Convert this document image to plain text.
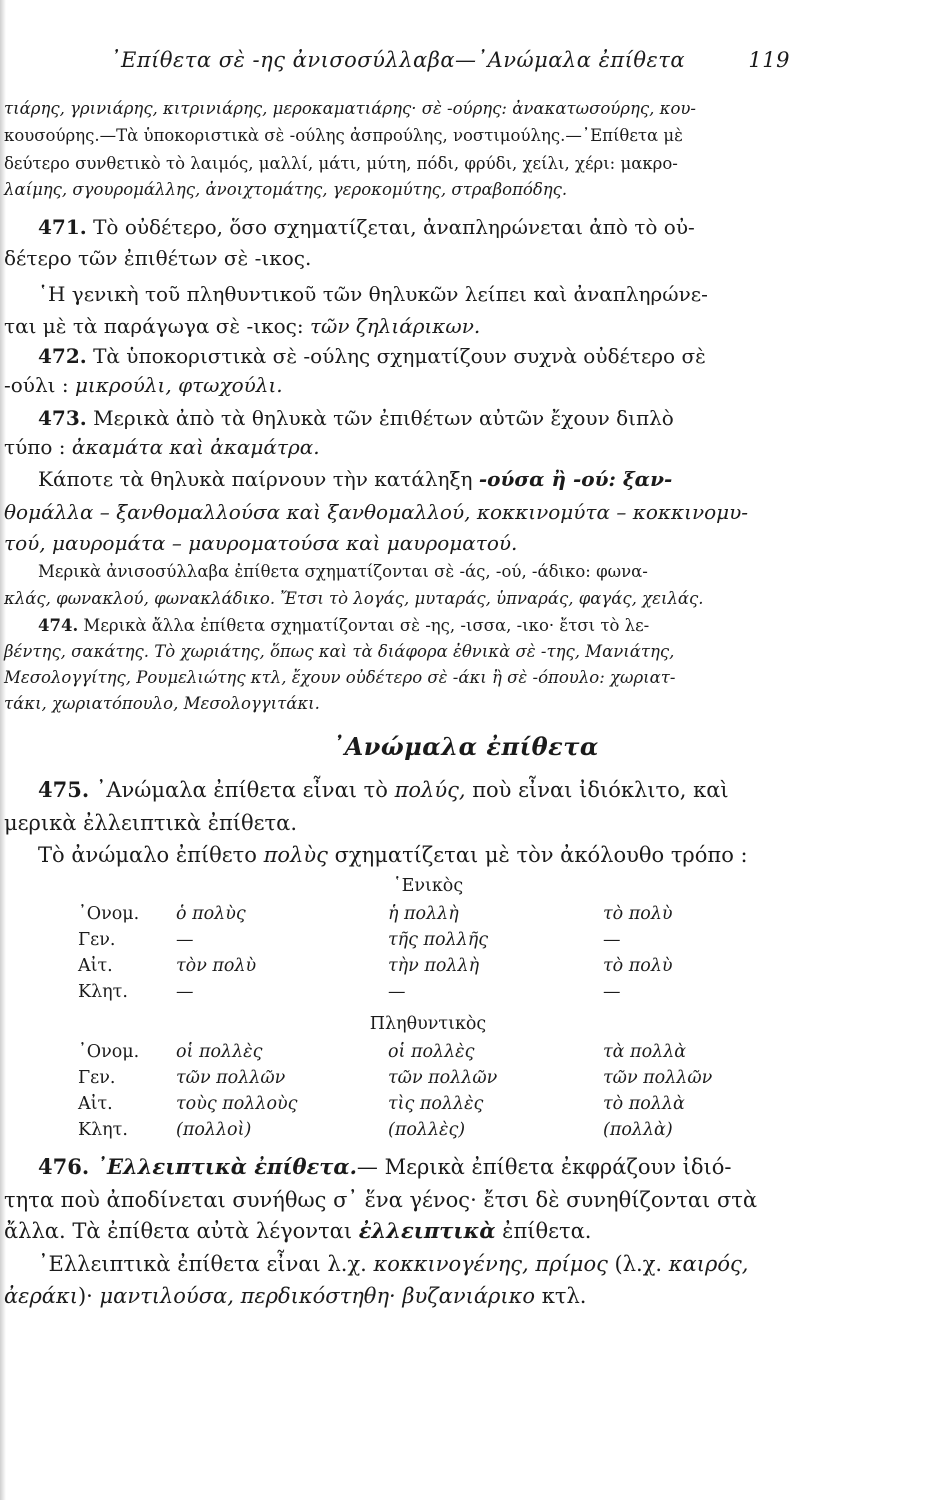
᾿Επίθετα σὲ -ης ἀνισοσύλλαβα—᾿Ανώμαλα ἐπίθετα	119
τιάρης, γρινιάρης, κιτρινιάρης, μεροκαματιάρης· σὲ -ούρης: ἀνακατωσούρης, κου-
κουσούρης.—Τὰ ὑποκοριστικὰ σὲ -ούλης ἀσπρούλης, νοστιμούλης.—᾿Επίθετα μὲ
δεύτερο συνθετικὸ τὸ λαιμός, μαλλί, μάτι, μύτη, πόδι, φρύδι, χείλι, χέρι: μακρο-
λαίμης, σγουρομάλλης, ἀνοιχτομάτης, γεροκομύτης, στραβοπόδης.
471. Τὸ οὐδέτερο, ὅσο σχηματίζεται, ἀναπληρώνεται ἀπὸ τὸ οὐ-
δέτερο τῶν ἐπιθέτων σὲ -ικος.
῾Η γενικὴ τοῦ πληθυντικοῦ τῶν θηλυκῶν λείπει καὶ ἀναπληρώνε-
ται μὲ τὰ παράγωγα σὲ -ικος: τῶν ζηλιάρικων.
472. Τὰ ὑποκοριστικὰ σὲ -ούλης σχηματίζουν συχνὰ οὐδέτερο σὲ
-ούλι : μικρούλι, φτωχούλι.
473. Μερικὰ ἀπὸ τὰ θηλυκὰ τῶν ἐπιθέτων αὐτῶν ἔχουν διπλὸ
τύπο : ἀκαμάτα καὶ ἀκαμάτρα.
Κάποτε τὰ θηλυκὰ παίρνουν τὴν κατάληξη -ούσα ἢ -ού: ξαν-
θομάλλα – ξανθομαλλούσα καὶ ξανθομαλλού, κοκκινομύτα – κοκκινομυ-
τού, μαυρομάτα – μαυροματούσα καὶ μαυροματού.
Μερικὰ ἀνισοσύλλαβα ἐπίθετα σχηματίζονται σὲ -άς, -ού, -άδικο: φωνα-
κλάς, φωνακλού, φωνακλάδικο. Ἔτσι τὸ λογάς, μυταράς, ὑπναράς, φαγάς, χειλάς.
474. Μερικὰ ἄλλα ἐπίθετα σχηματίζονται σὲ -ης, -ισσα, -ικο· ἔτσι τὸ λε-
βέντης, σακάτης. Τὸ χωριάτης, ὅπως καὶ τὰ διάφορα ἐθνικὰ σὲ -της, Μανιάτης,
Μεσολογγίτης, Ρουμελιώτης κτλ, ἔχουν οὐδέτερο σὲ -άκι ἢ σὲ -όπουλο: χωριατ-
τάκι, χωριατόπουλο, Μεσολογγιτάκι.
᾿Ανώμαλα ἐπίθετα
475. ᾿Ανώμαλα ἐπίθετα εἶναι τὸ πολύς, ποὺ εἶναι ἰδιόκλιτο, καὶ
μερικὰ ἐλλειπτικὰ ἐπίθετα.
Τὸ ἀνώμαλο ἐπίθετο πολὺς σχηματίζεται μὲ τὸν ἀκόλουθο τρόπο :
῾Ενικὸς
᾿Ονομ. ὁ πολὺς	ἡ πολλὴ	τὸ πολὺ
Γεν.	—	τῆς πολλῆς	—
Αἰτ.	τὸν πολὺ	τὴν πολλὴ	τὸ πολὺ
Κλητ.	—	—	—
Πληθυντικὸς
᾿Ονομ. οἱ πολλὲς	οἱ πολλὲς	τὰ πολλὰ
Γεν.	τῶν πολλῶν	τῶν πολλῶν	τῶν πολλῶν
Αἰτ.	τοὺς πολλοὺς	τὶς πολλὲς	τὸ πολλὰ
Κλητ.	(πολλοὶ)	(πολλὲς)	(πολλὰ)
476. ᾿Ελλειπτικὰ ἐπίθετα.— Μερικὰ ἐπίθετα ἐκφράζουν ἰδιό-
τητα ποὺ ἀποδίνεται συνήθως σ᾿ ἕνα γένος· ἔτσι δὲ συνηθίζονται στὰ
ἄλλα. Τὰ ἐπίθετα αὐτὰ λέγονται ἐλλειπτικὰ ἐπίθετα.
᾿Ελλειπτικὰ ἐπίθετα εἶναι λ.χ. κοκκινογένης, πρίμος (λ.χ. καιρός,
ἀεράκι)· μαντιλούσα, περδικόστηθη· βυζανιάρικο κτλ.
